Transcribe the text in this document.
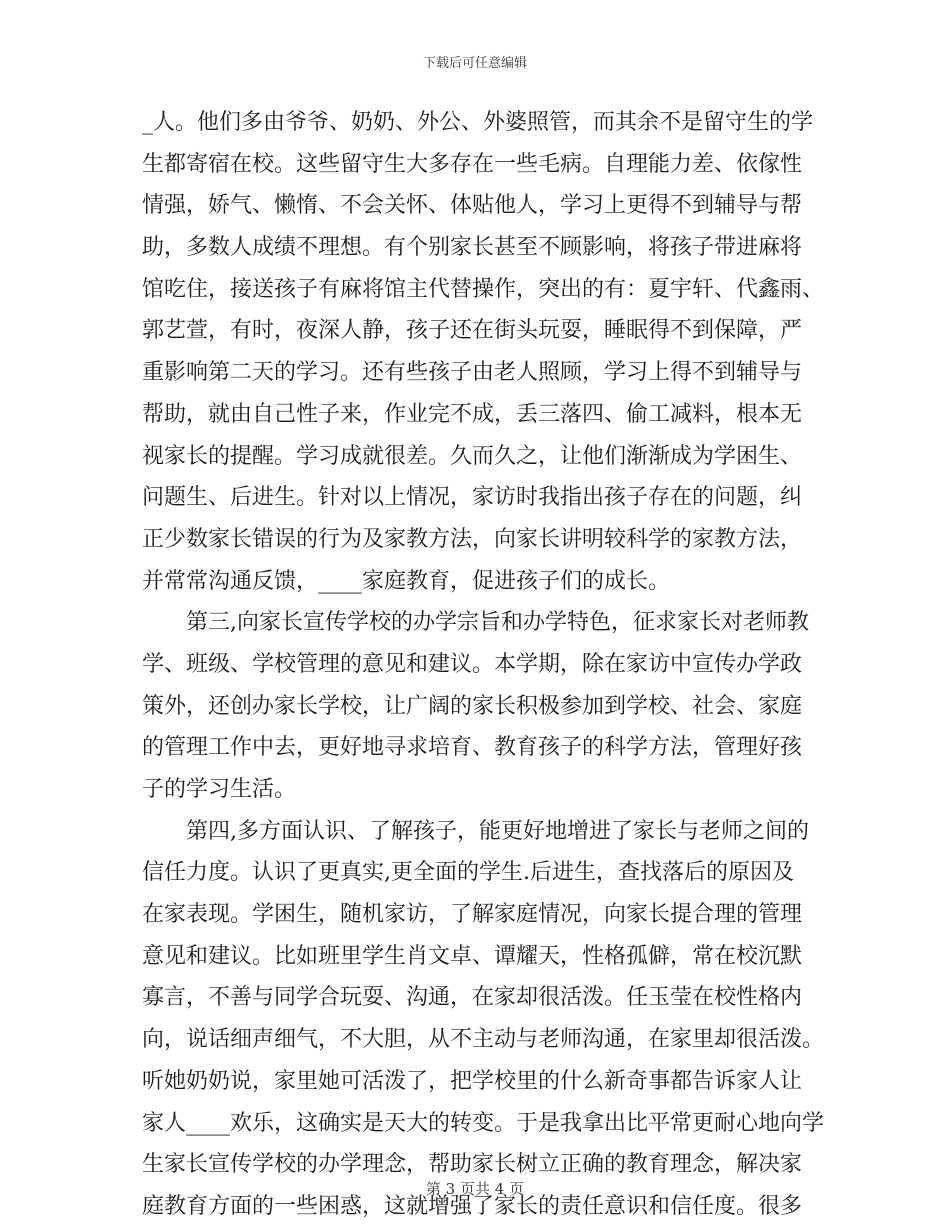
下载后可任意编辑
_人。他们多由爷爷、奶奶、外公、外婆照管，而其余不是留守生的学
生都寄宿在校。这些留守生大多存在一些毛病。自理能力差、依傢性
情强，娇气、懒惰、不会关怀、体贴他人，学习上更得不到辅导与帮
助，多数人成绩不理想。有个别家长甚至不顾影响，将孩子带进麻将
馆吃住，接送孩子有麻将馆主代替操作，突出的有：夏宇轩、代鑫雨、
郭艺萱，有时，夜深人静，孩子还在街头玩耍，睡眠得不到保障，严
重影响第二天的学习。还有些孩子由老人照顾，学习上得不到辅导与
帮助，就由自己性子来，作业完不成，丢三落四、偷工减料，根本无
视家长的提醒。学习成就很差。久而久之，让他们渐渐成为学困生、
问题生、后进生。针对以上情况，家访时我指出孩子存在的问题，纠
正少数家长错误的行为及家教方法，向家长讲明较科学的家教方法，
并常常沟通反馈，____家庭教育，促进孩子们的成长。
第三,向家长宣传学校的办学宗旨和办学特色，征求家长对老师教
学、班级、学校管理的意见和建议。本学期，除在家访中宣传办学政
策外，还创办家长学校，让广阔的家长积极参加到学校、社会、家庭
的管理工作中去，更好地寻求培育、教育孩子的科学方法，管理好孩
子的学习生活。
第四,多方面认识、了解孩子，能更好地增进了家长与老师之间的
信任力度。认识了更真实,更全面的学生.后进生，查找落后的原因及
在家表现。学困生，随机家访，了解家庭情况，向家长提合理的管理
意见和建议。比如班里学生肖文卓、谭耀天，性格孤僻，常在校沉默
寡言，不善与同学合玩耍、沟通，在家却很活泼。任玉莹在校性格内
向，说话细声细气，不大胆，从不主动与老师沟通，在家里却很活泼。
听她奶奶说，家里她可活泼了，把学校里的什么新奇事都告诉家人让
家人____欢乐，这确实是天大的转变。于是我拿出比平常更耐心地向学
生家长宣传学校的办学理念，帮助家长树立正确的教育理念，解决家
庭教育方面的一些困惑，这就增强了家长的责任意识和信任度。很多
第 3 页共 4 页
